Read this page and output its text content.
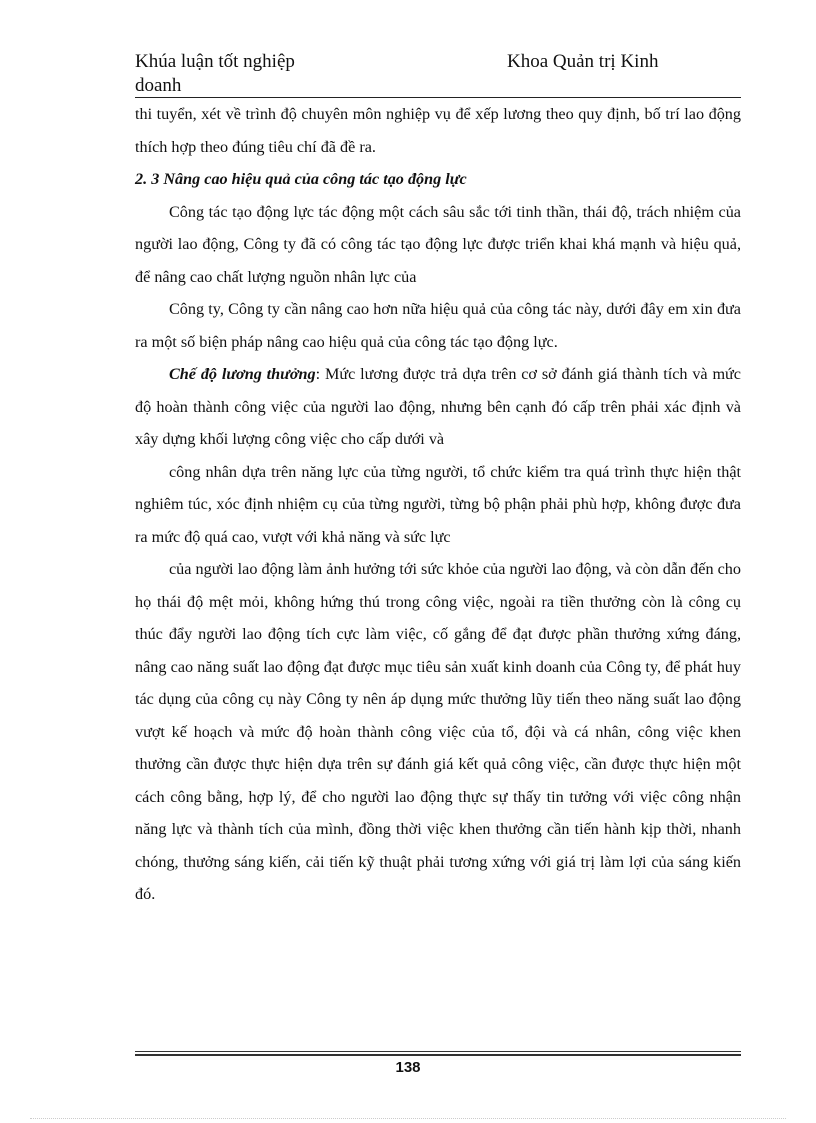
Khúa luận tốt nghiệp
doanh
Khoa Quản trị Kinh

thi tuyển, xét về trình độ chuyên môn nghiệp vụ để xếp lương theo quy định, bố trí lao động thích hợp theo đúng tiêu chí đã đề ra.

2. 3 Nâng cao hiệu quả của công tác tạo động lực

Công tác tạo động lực tác động một cách sâu sắc tới tinh thần, thái độ, trách nhiệm của người lao động, Công ty đã có công tác tạo động lực được triển khai khá mạnh và hiệu quả, để nâng cao chất lượng nguồn nhân lực của

Công ty, Công ty cần nâng cao hơn nữa hiệu quả của công tác này, dưới đây em xin đưa ra một số biện pháp nâng cao hiệu quả của công tác tạo động lực.

Chế độ lương thưởng: Mức lương được trả dựa trên cơ sở đánh giá thành tích và mức độ hoàn thành công việc của người lao động, nhưng bên cạnh đó cấp trên phải xác định và xây dựng khối lượng công việc cho cấp dưới và

công nhân dựa trên năng lực của từng người, tổ chức kiểm tra quá trình thực hiện thật nghiêm túc, xóc định nhiệm cụ của từng người, từng bộ phận phải phù hợp, không được đưa ra mức độ quá cao, vượt với khả năng và sức lực

của người lao động làm ảnh hưởng tới sức khỏe của người lao động, và còn dẫn đến cho họ thái độ mệt mỏi, không hứng thú trong công việc, ngoài ra tiền thưởng còn là công cụ thúc đẩy người lao động tích cực làm việc, cố gắng để đạt được phần thưởng xứng đáng, nâng cao năng suất lao động đạt được mục tiêu sản xuất kinh doanh của Công ty, để phát huy tác dụng của công cụ này Công ty nên áp dụng mức thưởng lũy tiến theo năng suất lao động vượt kế hoạch và mức độ hoàn thành công việc của tổ, đội và cá nhân, công việc khen thưởng cần được thực hiện dựa trên sự đánh giá kết quả công việc, cần được thực hiện một cách công bằng, hợp lý, để cho người lao động thực sự thấy tin tưởng với việc công nhận năng lực và thành tích của mình, đồng thời việc khen thưởng cần tiến hành kịp thời, nhanh chóng, thưởng sáng kiến, cải tiến kỹ thuật phải tương xứng với giá trị làm lợi của sáng kiến đó.

138
